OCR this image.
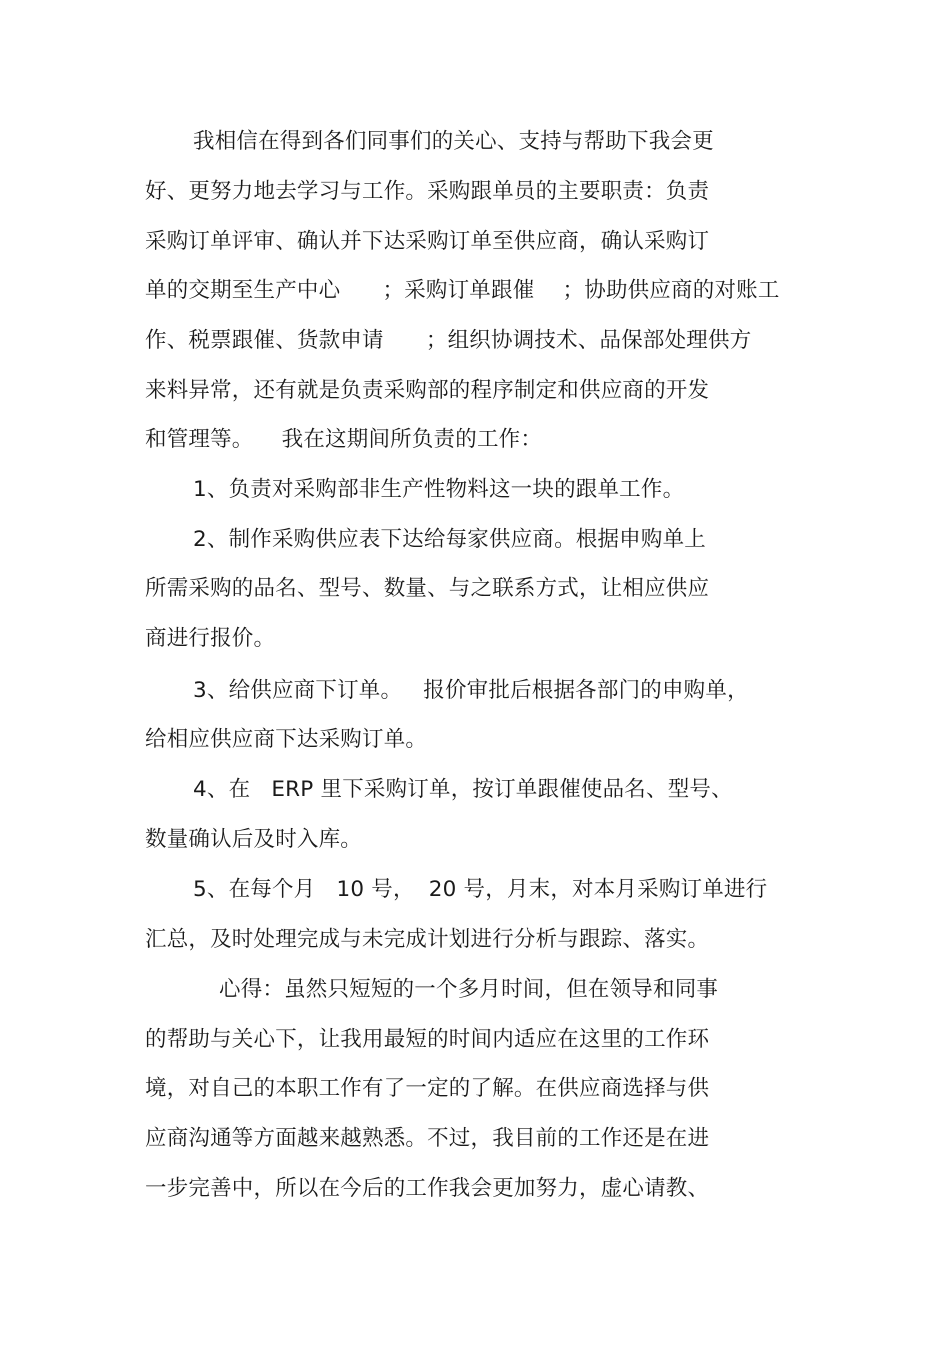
我相信在得到各们同事们的关心、支持与帮助下我会更
好、更努力地去学习与工作。采购跟单员的主要职责：负责
采购订单评审、确认并下达采购订单至供应商，确认采购订
单的交期至生产中心      ；采购订单跟催    ；协助供应商的对账工
作、税票跟催、货款申请      ；组织协调技术、品保部处理供方
来料异常，还有就是负责采购部的程序制定和供应商的开发
和管理等。    我在这期间所负责的工作：
1、负责对采购部非生产性物料这一块的跟单工作。
2、制作采购供应表下达给每家供应商。根据申购单上
所需采购的品名、型号、数量、与之联系方式，让相应供应
商进行报价。
3、给供应商下订单。   报价审批后根据各部门的申购单，
给相应供应商下达采购订单。
4、在   ERP 里下采购订单，按订单跟催使品名、型号、
数量确认后及时入库。
5、在每个月   10 号，  20 号，月末，对本月采购订单进行
汇总，及时处理完成与未完成计划进行分析与跟踪、落实。
心得：虽然只短短的一个多月时间，但在领导和同事
的帮助与关心下，让我用最短的时间内适应在这里的工作环
境，对自己的本职工作有了一定的了解。在供应商选择与供
应商沟通等方面越来越熟悉。不过，我目前的工作还是在进
一步完善中，所以在今后的工作我会更加努力，虚心请教、
